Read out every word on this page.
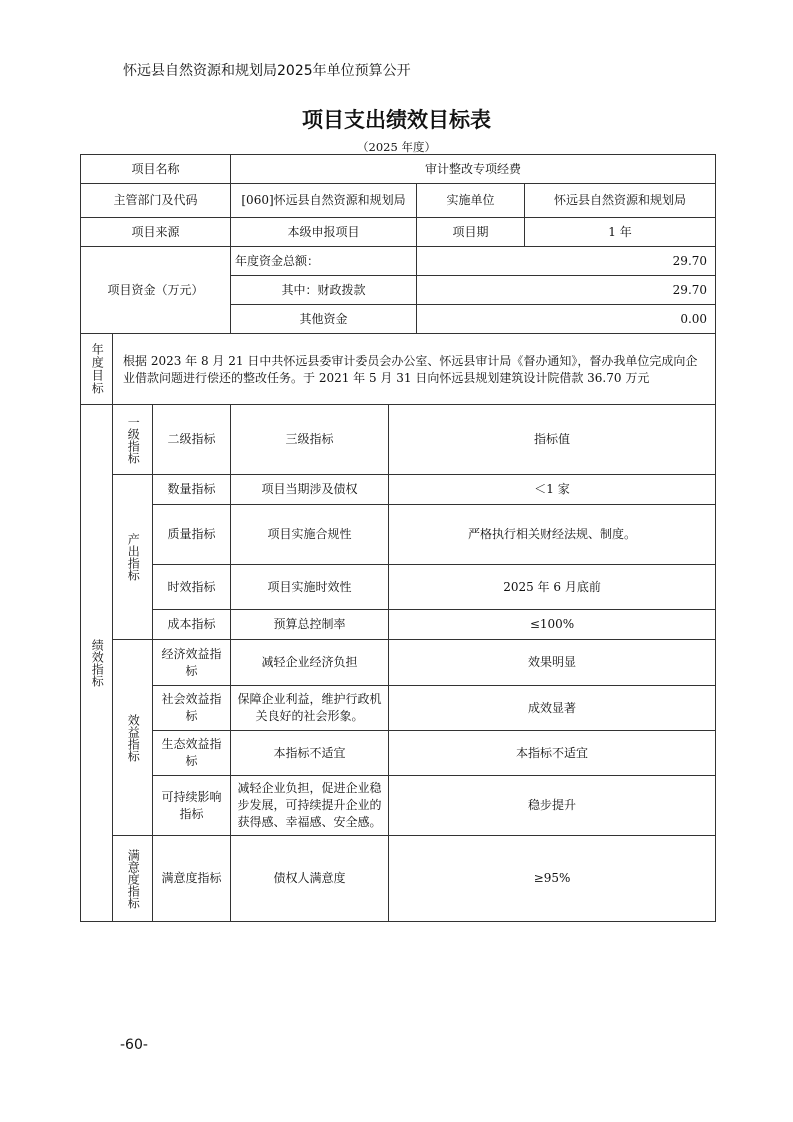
怀远县自然资源和规划局2025年单位预算公开
项目支出绩效目标表
（2025 年度）
项目名称			审计整改专项经费			
主管部门及代码			[060]怀远县自然资源和规划局		实施单位	怀远县自然资源和规划局
项目来源			本级申报项目		项目期	1 年
项目资金（万元）			年度资金总额：		29.70	
			其中：财政拨款		29.70	
			其他资金		0.00	
年度目标	根据 2023 年 8 月 21 日中共怀远县委审计委员会办公室、怀远县审计局《督办通知》，督办我单位完成向企业借款问题进行偿还的整改任务。于 2021 年 5 月 31 日向怀远县规划建筑设计院借款 36.70 万元					
绩效指标	一级指标	二级指标	三级指标	指标值		
	产出指标	数量指标	项目当期涉及债权	＜1 家		
		质量指标	项目实施合规性	严格执行相关财经法规、制度。		
		时效指标	项目实施时效性	2025 年 6 月底前		
		成本指标	预算总控制率	≤100%		
	效益指标	经济效益指标	减轻企业经济负担	效果明显		
		社会效益指标	保障企业利益，维护行政机关良好的社会形象。	成效显著		
		生态效益指标	本指标不适宜	本指标不适宜		
		可持续影响指标	减轻企业负担，促进企业稳步发展，可持续提升企业的获得感、幸福感、安全感。	稳步提升		
	满意度指标	满意度指标	债权人满意度	≥95%		
-60-
